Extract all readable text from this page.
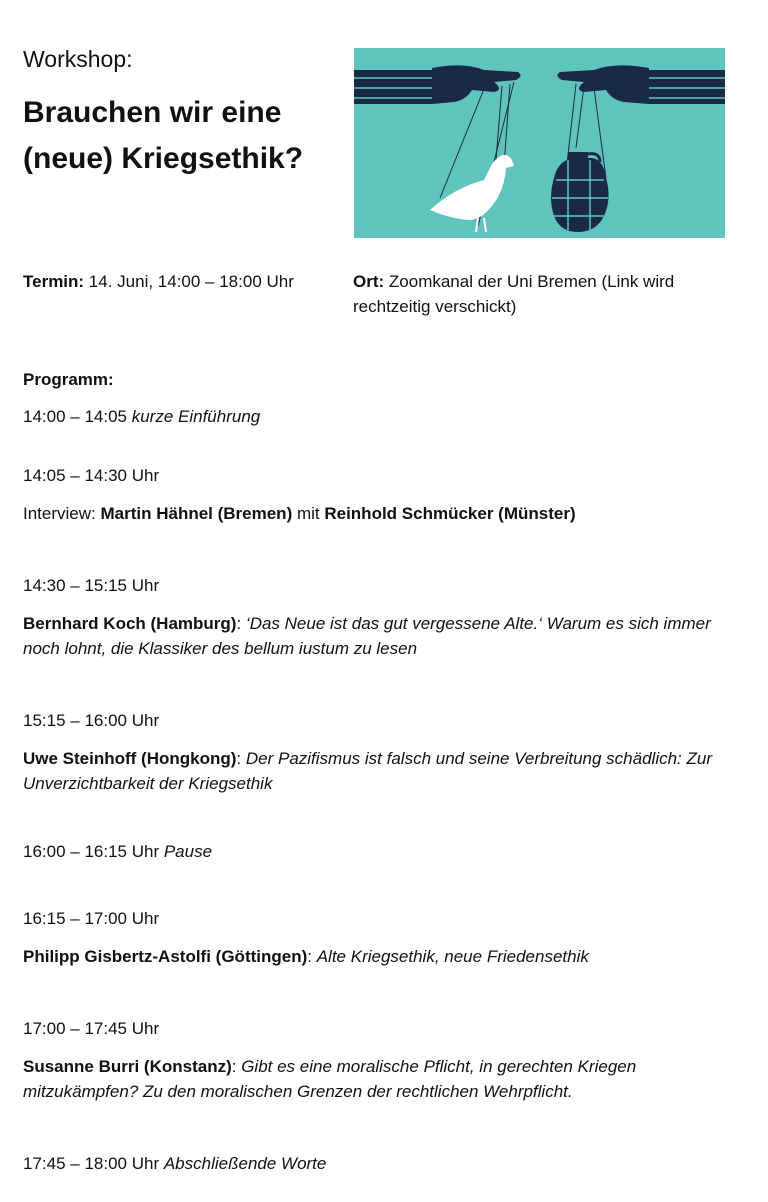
Workshop:
Brauchen wir eine
(neue) Kriegsethik?
Termin: 14. Juni, 14:00 – 18:00 Uhr	Ort: Zoomkanal der Uni Bremen (Link wird rechtzeitig verschickt)
Programm:
14:00 – 14:05 kurze Einführung
14:05 – 14:30 Uhr
Interview: Martin Hähnel (Bremen) mit Reinhold Schmücker (Münster)
14:30 – 15:15 Uhr
Bernhard Koch (Hamburg): ‘Das Neue ist das gut vergessene Alte.‘ Warum es sich immer noch lohnt, die Klassiker des bellum iustum zu lesen
15:15 – 16:00 Uhr
Uwe Steinhoff (Hongkong): Der Pazifismus ist falsch und seine Verbreitung schädlich: Zur Unverzichtbarkeit der Kriegsethik
16:00 – 16:15 Uhr Pause
16:15 – 17:00 Uhr
Philipp Gisbertz-Astolfi (Göttingen): Alte Kriegsethik, neue Friedensethik
17:00 – 17:45 Uhr
Susanne Burri (Konstanz): Gibt es eine moralische Pflicht, in gerechten Kriegen mitzukämpfen? Zu den moralischen Grenzen der rechtlichen Wehrpflicht.
17:45 – 18:00 Uhr Abschließende Worte
